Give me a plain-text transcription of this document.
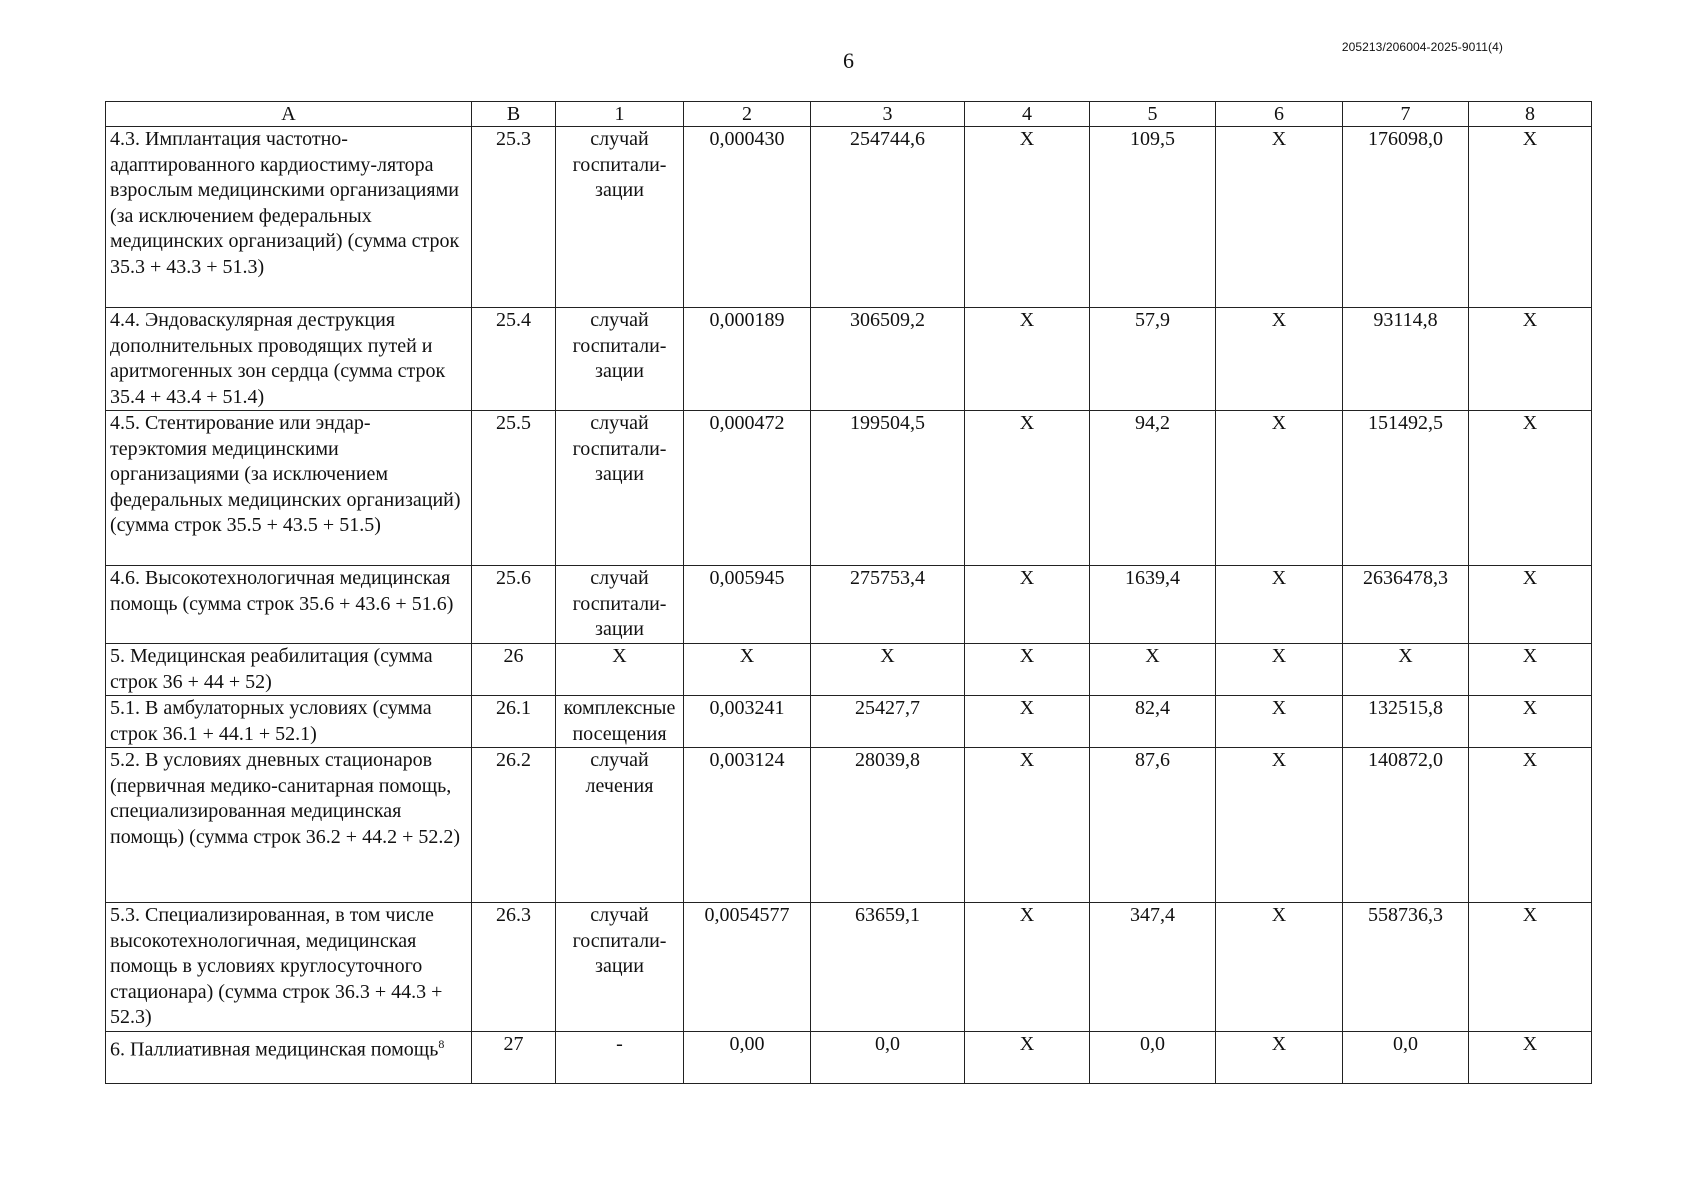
6
205213/206004-2025-9011(4)
А	В	1	2	3	4	5	6	7	8
4.3. Имплантация частотно-адаптированного кардиостиму-лятора взрослым медицинскими организациями (за исключением федеральных медицинских организаций) (сумма строк 35.3 + 43.3 + 51.3)	25.3	случай госпитали-зации	0,000430	254744,6	Х	109,5	Х	176098,0	Х
4.4. Эндоваскулярная деструкция дополнительных проводящих путей и аритмогенных зон сердца (сумма строк 35.4 + 43.4 + 51.4)	25.4	случай госпитали-зации	0,000189	306509,2	Х	57,9	Х	93114,8	Х
4.5. Стентирование или эндар-терэктомия медицинскими организациями (за исключением федеральных медицинских организаций) (сумма строк 35.5 + 43.5 + 51.5)	25.5	случай госпитали-зации	0,000472	199504,5	Х	94,2	Х	151492,5	Х
4.6. Высокотехнологичная медицинская помощь (сумма строк 35.6 + 43.6 + 51.6)	25.6	случай госпитали-зации	0,005945	275753,4	Х	1639,4	Х	2636478,3	Х
5. Медицинская реабилитация (сумма строк 36 + 44 + 52)	26	Х	Х	Х	Х	Х	Х	Х	Х
5.1. В амбулаторных условиях (сумма строк 36.1 + 44.1 + 52.1)	26.1	комплексные посещения	0,003241	25427,7	Х	82,4	Х	132515,8	Х
5.2. В условиях дневных стационаров (первичная медико-санитарная помощь, специализированная медицинская помощь) (сумма строк 36.2 + 44.2 + 52.2)	26.2	случай лечения	0,003124	28039,8	Х	87,6	Х	140872,0	Х
5.3. Специализированная, в том числе высокотехнологичная, медицинская помощь в условиях круглосуточного стационара) (сумма строк 36.3 + 44.3 + 52.3)	26.3	случай госпитали-зации	0,0054577	63659,1	Х	347,4	Х	558736,3	Х
6. Паллиативная медицинская помощь$^8$	27	-	0,00	0,0	Х	0,0	Х	0,0	Х
